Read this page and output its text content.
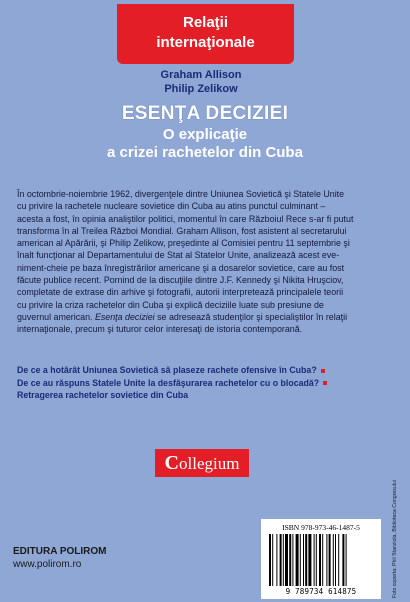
Relaţii
internaţionale
Graham Allison
Philip Zelikow
ESENŢA DECIZIEI
O explicaţie
a crizei rachetelor din Cuba
În octombrie-noiembrie 1962, divergenţele dintre Uniunea Sovietică şi Statele Unite
cu privire la rachetele nucleare sovietice din Cuba au atins punctul culminant –
acesta a fost, în opinia analiştilor politici, momentul în care Războiul Rece s-ar fi putut
transforma în al Treilea Război Mondial. Graham Allison, fost asistent al secretarului
american al Apărării, şi Philip Zelikow, preşedinte al Comisiei pentru 11 septembrie şi
înalt funcţionar al Departamentului de Stat al Statelor Unite, analizează acest eve-
niment-cheie pe baza înregistrărilor americane şi a dosarelor sovietice, care au fost
făcute publice recent. Pornind de la discuţiile dintre J.F. Kennedy şi Nikita Hruşciov,
completate de extrase din arhive şi fotografii, autorii interpretează principalele teorii
cu privire la criza rachetelor din Cuba şi explică deciziile luate sub presiune de
guvernul american. Esenţa deciziei se adresează studenţilor şi specialiştilor în relaţii
internaţionale, precum şi tuturor celor interesaţi de istoria contemporană.
De ce a hotărât Uniunea Sovietică să plaseze rachete ofensive în Cuba?
De ce au răspuns Statele Unite la desfăşurarea rachetelor cu o blocadă?
Retragerea rachetelor sovietice din Cuba
Collegium
EDITURA POLIROM
www.polirom.ro
ISBN 978-973-46-1487-5
9 789734 614875	Foto coperta: Phil Stanziola, Biblioteca Congresului
